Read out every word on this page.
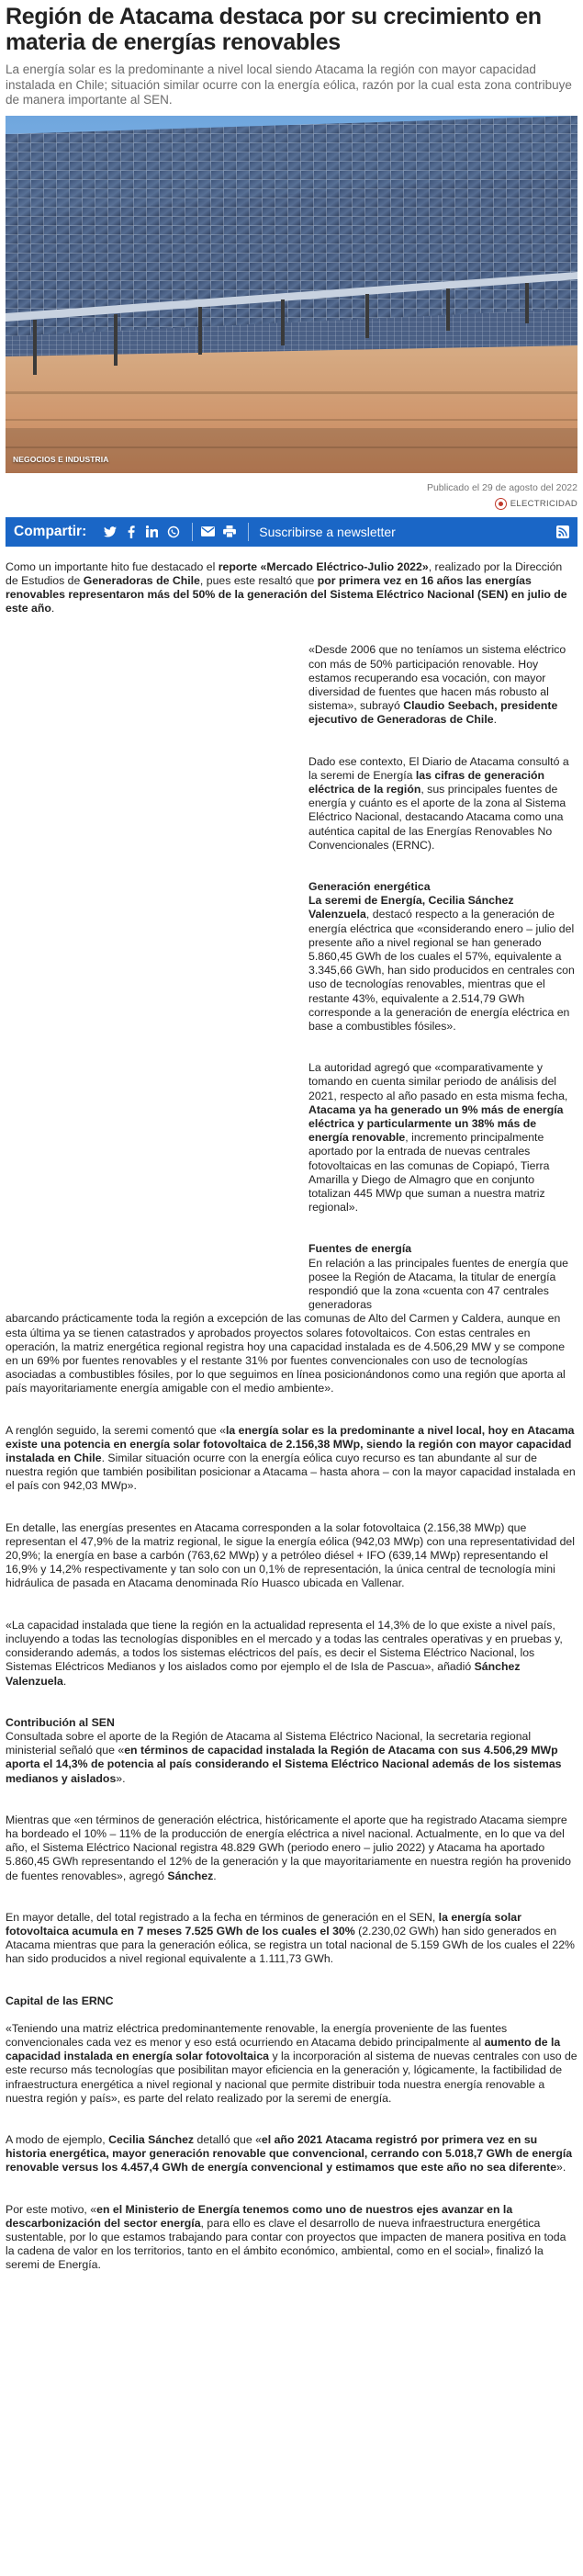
Región de Atacama destaca por su crecimiento en materia de energías renovables

La energía solar es la predominante a nivel local siendo Atacama la región con mayor capacidad instalada en Chile; situación similar ocurre con la energía eólica, razón por la cual esta zona contribuye de manera importante al SEN.

NEGOCIOS E INDUSTRIA
Publicado el 29 de agosto del 2022
ELECTRICIDAD
Compartir:	Suscribirse a newsletter

Como un importante hito fue destacado el reporte «Mercado Eléctrico-Julio 2022», realizado por la Dirección de Estudios de Generadoras de Chile, pues este resaltó que por primera vez en 16 años las energías renovables representaron más del 50% de la generación del Sistema Eléctrico Nacional (SEN) en julio de este año.

«Desde 2006 que no teníamos un sistema eléctrico con más de 50% participación renovable. Hoy estamos recuperando esa vocación, con mayor diversidad de fuentes que hacen más robusto al sistema», subrayó Claudio Seebach, presidente ejecutivo de Generadoras de Chile.

Dado ese contexto, El Diario de Atacama consultó a la seremi de Energía las cifras de generación eléctrica de la región, sus principales fuentes de energía y cuánto es el aporte de la zona al Sistema Eléctrico Nacional, destacando Atacama como una auténtica capital de las Energías Renovables No Convencionales (ERNC).

Generación energética

La seremi de Energía, Cecilia Sánchez Valenzuela, destacó respecto a la generación de energía eléctrica que «considerando enero – julio del presente año a nivel regional se han generado 5.860,45 GWh de los cuales el 57%, equivalente a 3.345,66 GWh, han sido producidos en centrales con uso de tecnologías renovables, mientras que el restante 43%, equivalente a 2.514,79 GWh corresponde a la generación de energía eléctrica en base a combustibles fósiles».

La autoridad agregó que «comparativamente y tomando en cuenta similar periodo de análisis del 2021, respecto al año pasado en esta misma fecha, Atacama ya ha generado un 9% más de energía eléctrica y particularmente un 38% más de energía renovable, incremento principalmente aportado por la entrada de nuevas centrales fotovoltaicas en las comunas de Copiapó, Tierra Amarilla y Diego de Almagro que en conjunto totalizan 445 MWp que suman a nuestra matriz regional».

Fuentes de energía

En relación a las principales fuentes de energía que posee la Región de Atacama, la titular de energía respondió que la zona «cuenta con 47 centrales generadoras

abarcando prácticamente toda la región a excepción de las comunas de Alto del Carmen y Caldera, aunque en esta última ya se tienen catastrados y aprobados proyectos solares fotovoltaicos. Con estas centrales en operación, la matriz energética regional registra hoy una capacidad instalada es de 4.506,29 MW y se compone en un 69% por fuentes renovables y el restante 31% por fuentes convencionales con uso de tecnologías asociadas a combustibles fósiles, por lo que seguimos en línea posicionándonos como una región que aporta al país mayoritariamente energía amigable con el medio ambiente».

A renglón seguido, la seremi comentó que «la energía solar es la predominante a nivel local, hoy en Atacama existe una potencia en energía solar fotovoltaica de 2.156,38 MWp, siendo la región con mayor capacidad instalada en Chile. Similar situación ocurre con la energía eólica cuyo recurso es tan abundante al sur de nuestra región que también posibilitan posicionar a Atacama – hasta ahora – con la mayor capacidad instalada en el país con 942,03 MWp».

En detalle, las energías presentes en Atacama corresponden a la solar fotovoltaica (2.156,38 MWp) que representan el 47,9% de la matriz regional, le sigue la energía eólica (942,03 MWp) con una representatividad del 20,9%; la energía en base a carbón (763,62 MWp) y a petróleo diésel + IFO (639,14 MWp) representando el 16,9% y 14,2% respectivamente y tan solo con un 0,1% de representación, la única central de tecnología mini hidráulica de pasada en Atacama denominada Río Huasco ubicada en Vallenar.

«La capacidad instalada que tiene la región en la actualidad representa el 14,3% de lo que existe a nivel país, incluyendo a todas las tecnologías disponibles en el mercado y a todas las centrales operativas y en pruebas y, considerando además, a todos los sistemas eléctricos del país, es decir el Sistema Eléctrico Nacional, los Sistemas Eléctricos Medianos y los aislados como por ejemplo el de Isla de Pascua», añadió Sánchez Valenzuela.

Contribución al SEN

Consultada sobre el aporte de la Región de Atacama al Sistema Eléctrico Nacional, la secretaria regional ministerial señaló que «en términos de capacidad instalada la Región de Atacama con sus 4.506,29 MWp aporta el 14,3% de potencia al país considerando el Sistema Eléctrico Nacional además de los sistemas medianos y aislados».

Mientras que «en términos de generación eléctrica, históricamente el aporte que ha registrado Atacama siempre ha bordeado el 10% – 11% de la producción de energía eléctrica a nivel nacional. Actualmente, en lo que va del año, el Sistema Eléctrico Nacional registra 48.829 GWh (periodo enero – julio 2022) y Atacama ha aportado 5.860,45 GWh representando el 12% de la generación y la que mayoritariamente en nuestra región ha provenido de fuentes renovables», agregó Sánchez.

En mayor detalle, del total registrado a la fecha en términos de generación en el SEN, la energía solar fotovoltaica acumula en 7 meses 7.525 GWh de los cuales el 30% (2.230,02 GWh) han sido generados en Atacama mientras que para la generación eólica, se registra un total nacional de 5.159 GWh de los cuales el 22% han sido producidos a nivel regional equivalente a 1.111,73 GWh.

Capital de las ERNC

«Teniendo una matriz eléctrica predominantemente renovable, la energía proveniente de las fuentes convencionales cada vez es menor y eso está ocurriendo en Atacama debido principalmente al aumento de la capacidad instalada en energía solar fotovoltaica y la incorporación al sistema de nuevas centrales con uso de este recurso más tecnologías que posibilitan mayor eficiencia en la generación y, lógicamente, la factibilidad de infraestructura energética a nivel regional y nacional que permite distribuir toda nuestra energía renovable a nuestra región y país», es parte del relato realizado por la seremi de energía.

A modo de ejemplo, Cecilia Sánchez detalló que «el año 2021 Atacama registró por primera vez en su historia energética, mayor generación renovable que convencional, cerrando con 5.018,7 GWh de energía renovable versus los 4.457,4 GWh de energía convencional y estimamos que este año no sea diferente».

Por este motivo, «en el Ministerio de Energía tenemos como uno de nuestros ejes avanzar en la descarbonización del sector energía, para ello es clave el desarrollo de nueva infraestructura energética sustentable, por lo que estamos trabajando para contar con proyectos que impacten de manera positiva en toda la cadena de valor en los territorios, tanto en el ámbito económico, ambiental, como en el social», finalizó la seremi de Energía.
